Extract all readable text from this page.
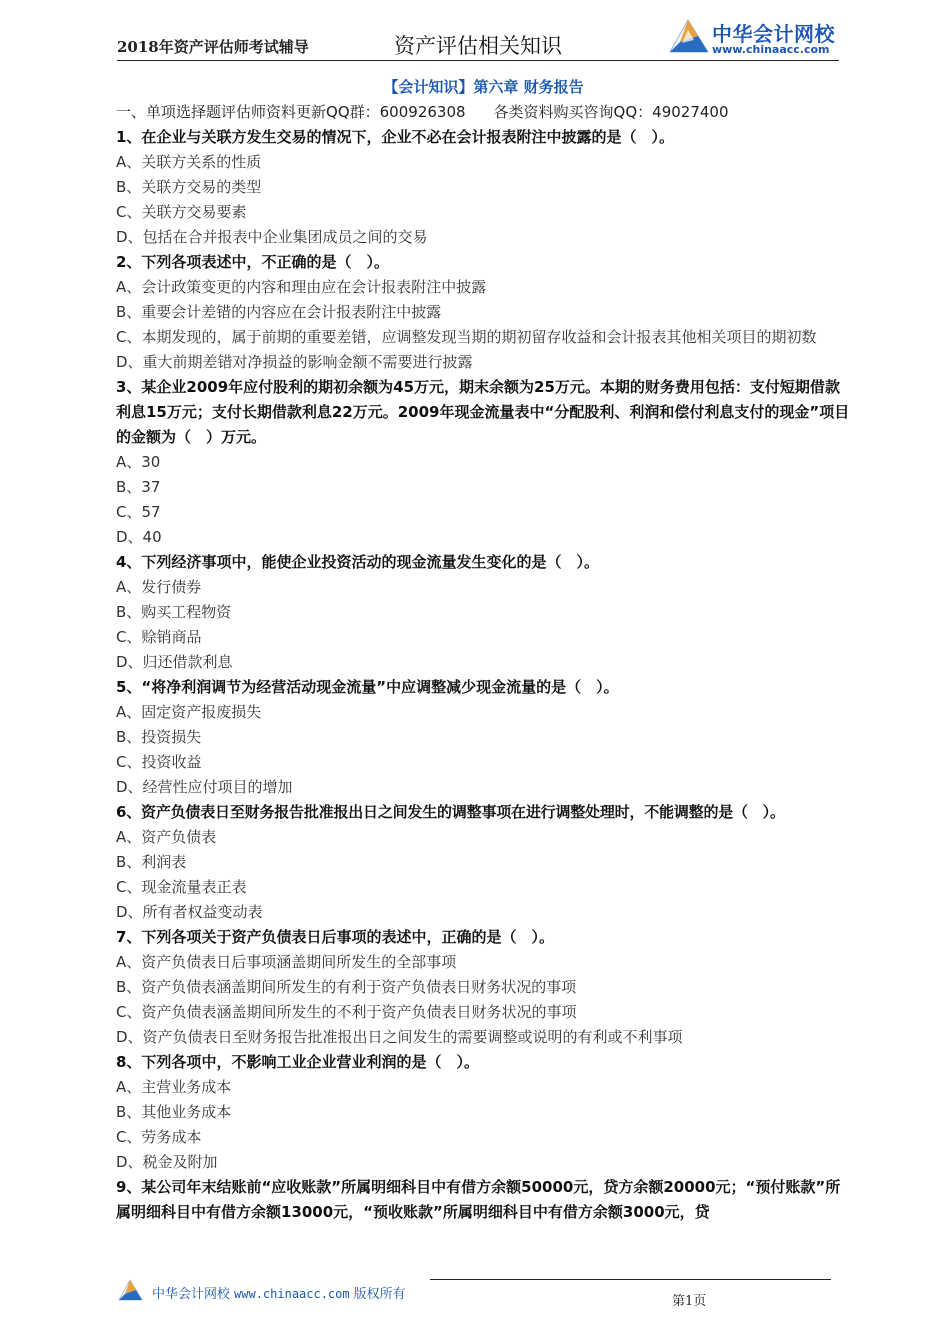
2018年资产评估师考试辅导	资产评估相关知识	中华会计网校
www.chinaacc.com
【会计知识】第六章 财务报告
一、单项选择题评估师资料更新QQ群：600926308 各类资料购买咨询QQ：49027400
1、在企业与关联方发生交易的情况下，企业不必在会计报表附注中披露的是（　）。
A、关联方关系的性质
B、关联方交易的类型
C、关联方交易要素
D、包括在合并报表中企业集团成员之间的交易
2、下列各项表述中，不正确的是（　）。
A、会计政策变更的内容和理由应在会计报表附注中披露
B、重要会计差错的内容应在会计报表附注中披露
C、本期发现的，属于前期的重要差错，应调整发现当期的期初留存收益和会计报表其他相关项目的期初数
D、重大前期差错对净损益的影响金额不需要进行披露
3、某企业2009年应付股利的期初余额为45万元，期末余额为25万元。本期的财务费用包括：支付短期借款利息15万元；支付长期借款利息22万元。2009年现金流量表中“分配股利、利润和偿付利息支付的现金”项目的金额为（　）万元。
A、30
B、37
C、57
D、40
4、下列经济事项中，能使企业投资活动的现金流量发生变化的是（　）。
A、发行债券
B、购买工程物资
C、赊销商品
D、归还借款利息
5、“将净利润调节为经营活动现金流量”中应调整减少现金流量的是（　）。
A、固定资产报废损失
B、投资损失
C、投资收益
D、经营性应付项目的增加
6、资产负债表日至财务报告批准报出日之间发生的调整事项在进行调整处理时，不能调整的是（　）。
A、资产负债表
B、利润表
C、现金流量表正表
D、所有者权益变动表
7、下列各项关于资产负债表日后事项的表述中，正确的是（　）。
A、资产负债表日后事项涵盖期间所发生的全部事项
B、资产负债表涵盖期间所发生的有利于资产负债表日财务状况的事项
C、资产负债表涵盖期间所发生的不利于资产负债表日财务状况的事项
D、资产负债表日至财务报告批准报出日之间发生的需要调整或说明的有利或不利事项
8、下列各项中，不影响工业企业营业利润的是（　）。
A、主营业务成本
B、其他业务成本
C、劳务成本
D、税金及附加
9、某公司年末结账前“应收账款”所属明细科目中有借方余额50000元，贷方余额20000元；“预付账款”所属明细科目中有借方余额13000元，“预收账款”所属明细科目中有借方余额3000元，贷
中华会计网校 www.chinaacc.com 版权所有	第1页
